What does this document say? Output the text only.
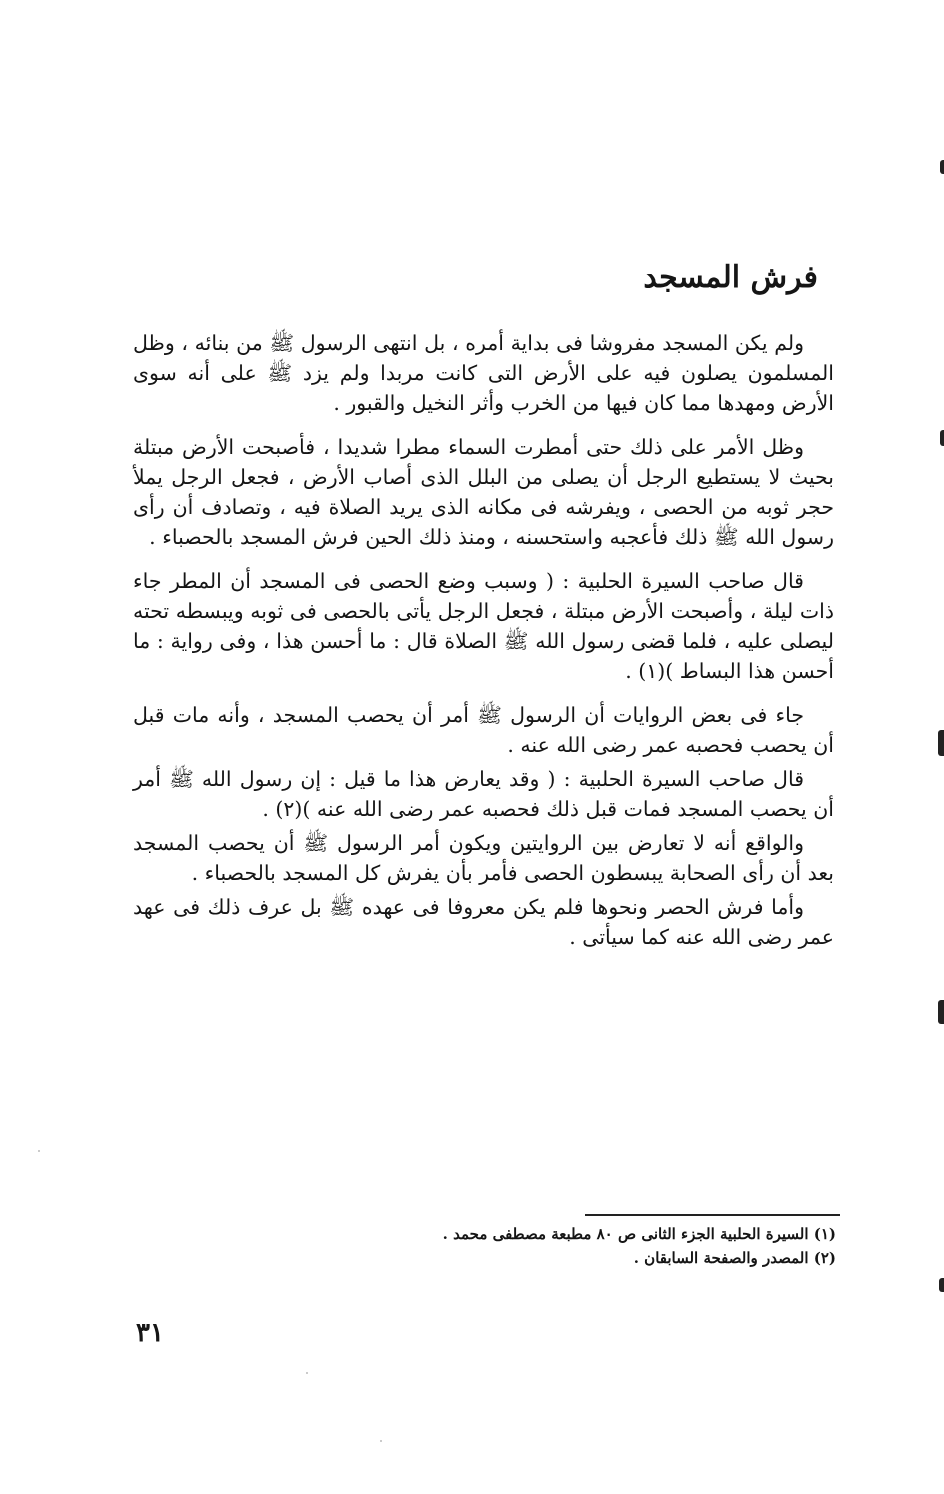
فرش المسجد

ولم يكن المسجد مفروشا فى بداية أمره ، بل انتهى الرسول ﷺ من بنائه ، وظل المسلمون يصلون فيه على الأرض التى كانت مربدا ولم يزد ﷺ على أنه سوى الأرض ومهدها مما كان فيها من الخرب وأثر النخيل والقبور .

وظل الأمر على ذلك حتى أمطرت السماء مطرا شديدا ، فأصبحت الأرض مبتلة بحيث لا يستطيع الرجل أن يصلى من البلل الذى أصاب الأرض ، فجعل الرجل يملأ حجر ثوبه من الحصى ، ويفرشه فى مكانه الذى يريد الصلاة فيه ، وتصادف أن رأى رسول الله ﷺ ذلك فأعجبه واستحسنه ، ومنذ ذلك الحين فرش المسجد بالحصباء .

قال صاحب السيرة الحلبية : ( وسبب وضع الحصى فى المسجد أن المطر جاء ذات ليلة ، وأصبحت الأرض مبتلة ، فجعل الرجل يأتى بالحصى فى ثوبه ويبسطه تحته ليصلى عليه ، فلما قضى رسول الله ﷺ الصلاة قال : ما أحسن هذا ، وفى رواية : ما أحسن هذا البساط )(١) .

جاء فى بعض الروايات أن الرسول ﷺ أمر أن يحصب المسجد ، وأنه مات قبل أن يحصب فحصبه عمر رضى الله عنه .

قال صاحب السيرة الحلبية : ( وقد يعارض هذا ما قيل : إن رسول الله ﷺ أمر أن يحصب المسجد فمات قبل ذلك فحصبه عمر رضى الله عنه )(٢) .

والواقع أنه لا تعارض بين الروايتين ويكون أمر الرسول ﷺ أن يحصب المسجد بعد أن رأى الصحابة يبسطون الحصى فأمر بأن يفرش كل المسجد بالحصباء .

وأما فرش الحصر ونحوها فلم يكن معروفا فى عهده ﷺ بل عرف ذلك فى عهد عمر رضى الله عنه كما سيأتى .

(١) السيرة الحلبية الجزء الثانى ص ٨٠ مطبعة مصطفى محمد .

(٢) المصدر والصفحة السابقان .

٣١
